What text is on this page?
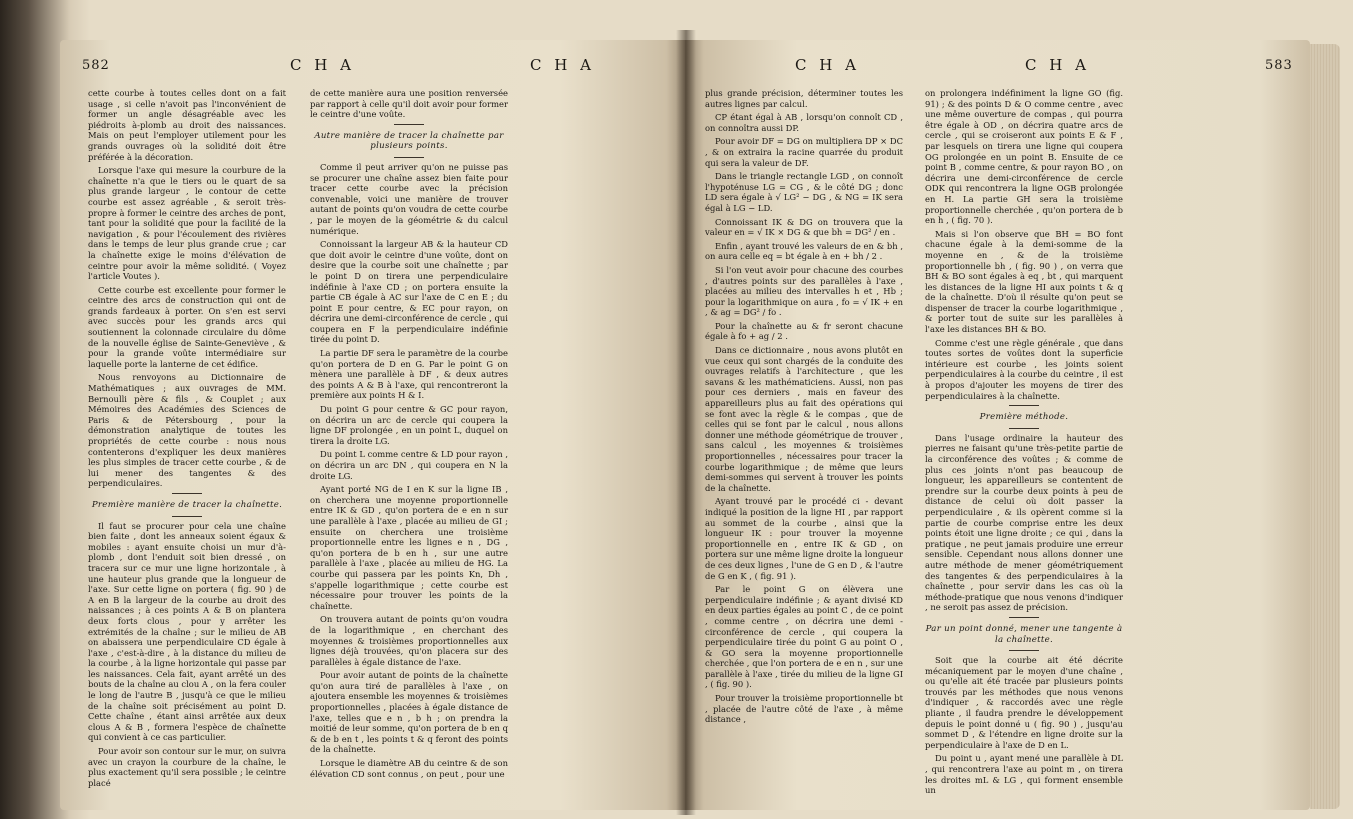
582	C H A	C H A

cette courbe à toutes celles dont on a fait usage , si celle n'avoit pas l'inconvénient de former un angle désagréable avec les piédroits à-plomb au droit des naissances. Mais on peut l'employer utilement pour les grands ouvrages où la solidité doit être préférée à la décoration.

Lorsque l'axe qui mesure la courbure de la chaînette n'a que le tiers ou le quart de sa plus grande largeur , le contour de cette courbe est assez agréable , & seroit très-propre à former le ceintre des arches de pont, tant pour la solidité que pour la facilité de la navigation , & pour l'écoulement des rivières dans le temps de leur plus grande crue ; car la chaînette exige le moins d'élévation de ceintre pour avoir la même solidité. ( Voyez l'article Voutes ).

Cette courbe est excellente pour former le ceintre des arcs de construction qui ont de grands fardeaux à porter. On s'en est servi avec succès pour les grands arcs qui soutiennent la colonnade circulaire du dôme de la nouvelle église de Sainte-Geneviève , & pour la grande voûte intermédiaire sur laquelle porte la lanterne de cet édifice.

Nous renvoyons au Dictionnaire de Mathématiques ; aux ouvrages de MM. Bernoulli père & fils , & Couplet ; aux Mémoires des Académies des Sciences de Paris & de Pétersbourg , pour la démonstration analytique de toutes les propriétés de cette courbe : nous nous contenterons d'expliquer les deux manières les plus simples de tracer cette courbe , & de lui mener des tangentes & des perpendiculaires.

Première manière de tracer la chaînette.

Il faut se procurer pour cela une chaîne bien faite , dont les anneaux soient égaux & mobiles : ayant ensuite choisi un mur d'à-plomb , dont l'enduit soit bien dressé , on tracera sur ce mur une ligne horizontale , à une hauteur plus grande que la longueur de l'axe. Sur cette ligne on portera ( fig. 90 ) de A en B la largeur de la courbe au droit des naissances ; à ces points A & B on plantera deux forts clous , pour y arrêter les extrémités de la chaîne ; sur le milieu de AB on abaissera une perpendiculaire CD égale à l'axe , c'est-à-dire , à la distance du milieu de la courbe , à la ligne horizontale qui passe par les naissances. Cela fait, ayant arrêté un des bouts de la chaîne au clou A , on la fera couler le long de l'autre B , jusqu'à ce que le milieu de la chaîne soit précisément au point D. Cette chaîne , étant ainsi arrêtée aux deux clous A & B , formera l'espèce de chaînette qui convient à ce cas particulier.

Pour avoir son contour sur le mur, on suivra avec un crayon la courbure de la chaîne, le plus exactement qu'il sera possible ; le ceintre placé

de cette manière aura une position renversée par rapport à celle qu'il doit avoir pour former le ceintre d'une voûte.

Autre manière de tracer la chaînette par plusieurs points.

Comme il peut arriver qu'on ne puisse pas se procurer une chaîne assez bien faite pour tracer cette courbe avec la précision convenable, voici une manière de trouver autant de points qu'on voudra de cette courbe , par le moyen de la géométrie & du calcul numérique.

Connoissant la largeur AB & la hauteur CD que doit avoir le ceintre d'une voûte, dont on desire que la courbe soit une chaînette ; par le point D on tirera une perpendiculaire indéfinie à l'axe CD ; on portera ensuite la partie CB égale à AC sur l'axe de C en E ; du point E pour centre, & EC pour rayon, on décrira une demi-circonférence de cercle , qui coupera en F la perpendiculaire indéfinie tirée du point D.

La partie DF sera le paramètre de la courbe qu'on portera de D en G. Par le point G on mènera une parallèle à DF , & deux autres des points A & B à l'axe, qui rencontreront la première aux points H & I.

Du point G pour centre & GC pour rayon, on décrira un arc de cercle qui coupera la ligne DF prolongée , en un point L, duquel on tirera la droite LG.

Du point L comme centre & LD pour rayon , on décrira un arc DN , qui coupera en N la droite LG.

Ayant porté NG de I en K sur la ligne IB , on cherchera une moyenne proportionnelle entre IK & GD , qu'on portera de e en n sur une parallèle à l'axe , placée au milieu de GI ; ensuite on cherchera une troisième proportionnelle entre les lignes e n , DG , qu'on portera de b en h , sur une autre parallèle à l'axe , placée au milieu de HG. La courbe qui passera par les points Kn, Dh , s'appelle logarithmique ; cette courbe est nécessaire pour trouver les points de la chaînette.

On trouvera autant de points qu'on voudra de la logarithmique , en cherchant des moyennes & troisièmes proportionnelles aux lignes déjà trouvées, qu'on placera sur des parallèles à égale distance de l'axe.

Pour avoir autant de points de la chaînette qu'on aura tiré de parallèles à l'axe , on ajoutera ensemble les moyennes & troisièmes proportionnelles , placées à égale distance de l'axe, telles que e n , b h ; on prendra la moitié de leur somme, qu'on portera de b en q & de b en t , les points t & q feront des points de la chaînette.

Lorsque le diamètre AB du ceintre & de son élévation CD sont connus , on peut , pour une

C H A	C H A	583

plus grande précision, déterminer toutes les autres lignes par calcul.

CP étant égal à AB , lorsqu'on connoît CD , on connoîtra aussi DP.

Pour avoir DF = DG on multipliera DP × DC , & on extraira la racine quarrée du produit qui sera la valeur de DF.

Dans le triangle rectangle LGD , on connoît l'hypoténuse LG = CG , & le côté DG ; donc LD sera égale à √ LG² − DG , & NG = IK sera égal à LG − LD.

Connoissant IK & DG on trouvera que la valeur en = √ IK × DG & que bh = DG² / en .

Enfin , ayant trouvé les valeurs de en & bh , on aura celle eq = bt égale à en + bh / 2 .

Si l'on veut avoir pour chacune des courbes , d'autres points sur des parallèles à l'axe , placées au milieu des intervalles h et , Hb ; pour la logarithmique on aura , fo = √ IK + en , & ag = DG² / fo .

Pour la chaînette au & fr seront chacune égale à fo + ag / 2 .

Dans ce dictionnaire , nous avons plutôt en vue ceux qui sont chargés de la conduite des ouvrages relatifs à l'architecture , que les savans & les mathématiciens. Aussi, non pas pour ces derniers , mais en faveur des appareilleurs plus au fait des opérations qui se font avec la règle & le compas , que de celles qui se font par le calcul , nous allons donner une méthode géométrique de trouver , sans calcul , les moyennes & troisièmes proportionnelles , nécessaires pour tracer la courbe logarithmique ; de même que leurs demi-sommes qui servent à trouver les points de la chaînette.

Ayant trouvé par le procédé ci - devant indiqué la position de la ligne HI , par rapport au sommet de la courbe , ainsi que la longueur IK : pour trouver la moyenne proportionnelle en , entre IK & GD , on portera sur une même ligne droite la longueur de ces deux lignes , l'une de G en D , & l'autre de G en K , ( fig. 91 ).

Par le point G on élèvera une perpendiculaire indéfinie ; & ayant divisé KD en deux parties égales au point C , de ce point , comme centre , on décrira une demi - circonférence de cercle , qui coupera la perpendiculaire tirée du point G au point O , & GO sera la moyenne proportionnelle cherchée , que l'on portera de e en n , sur une parallèle à l'axe , tirée du milieu de la ligne GI , ( fig. 90 ).

Pour trouver la troisième proportionnelle bt , placée de l'autre côté de l'axe , à même distance ,

on prolongera indéfiniment la ligne GO (fig. 91) ; & des points D & O comme centre , avec une même ouverture de compas , qui pourra être égale à OD , on décrira quatre arcs de cercle , qui se croiseront aux points E & F , par lesquels on tirera une ligne qui coupera OG prolongée en un point B. Ensuite de ce point B , comme centre, & pour rayon BO , on décrira une demi-circonférence de cercle ODK qui rencontrera la ligne OGB prolongée en H. La partie GH sera la troisième proportionnelle cherchée , qu'on portera de b en h , ( fig. 70 ).

Mais si l'on observe que BH = BO font chacune égale à la demi-somme de la moyenne en , & de la troisième proportionnelle bh , ( fig. 90 ) , on verra que BH & BO sont égales à eq , bt , qui marquent les distances de la ligne HI aux points t & q de la chaînette. D'où il résulte qu'on peut se dispenser de tracer la courbe logarithmique , & porter tout de suite sur les parallèles à l'axe les distances BH & BO.

Comme c'est une règle générale , que dans toutes sortes de voûtes dont la superficie intérieure est courbe , les joints soient perpendiculaires à la courbe du ceintre , il est à propos d'ajouter les moyens de tirer des perpendiculaires à la chaînette.

Première méthode.

Dans l'usage ordinaire la hauteur des pierres ne faisant qu'une très-petite partie de la circonférence des voûtes ; & comme de plus ces joints n'ont pas beaucoup de longueur, les appareilleurs se contentent de prendre sur la courbe deux points à peu de distance de celui où doit passer la perpendiculaire , & ils opèrent comme si la partie de courbe comprise entre les deux points étoit une ligne droite ; ce qui , dans la pratique , ne peut jamais produire une erreur sensible. Cependant nous allons donner une autre méthode de mener géométriquement des tangentes & des perpendiculaires à la chaînette , pour servir dans les cas où la méthode-pratique que nous venons d'indiquer , ne seroit pas assez de précision.

Par un point donné, mener une tangente à la chaînette.

Soit que la courbe ait été décrite mécaniquement par le moyen d'une chaîne , ou qu'elle ait été tracée par plusieurs points trouvés par les méthodes que nous venons d'indiquer , & raccordés avec une règle pliante , il faudra prendre le développement depuis le point donné u ( fig. 90 ) , jusqu'au sommet D , & l'étendre en ligne droite sur la perpendiculaire à l'axe de D en L.

Du point u , ayant mené une parallèle à DL , qui rencontrera l'axe au point m , on tirera les droites mL & LG , qui forment ensemble un
